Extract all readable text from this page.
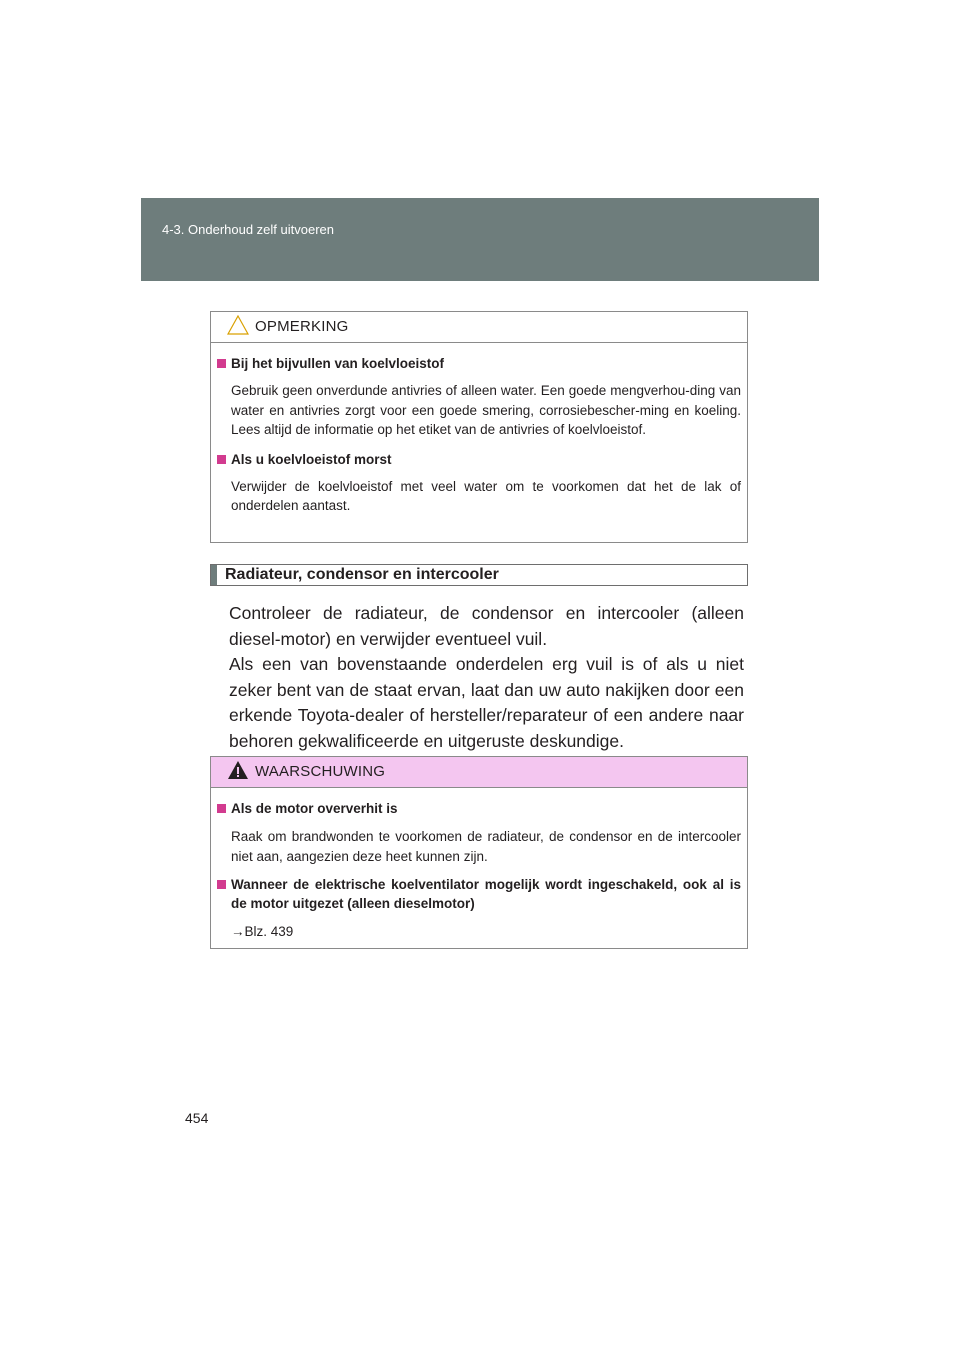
4-3. Onderhoud zelf uitvoeren
OPMERKING
Bij het bijvullen van koelvloeistof
Gebruik geen onverdunde antivries of alleen water. Een goede mengverhou-ding van water en antivries zorgt voor een goede smering, corrosiebescher-ming en koeling. Lees altijd de informatie op het etiket van de antivries of koelvloeistof.
Als u koelvloeistof morst
Verwijder de koelvloeistof met veel water om te voorkomen dat het de lak of onderdelen aantast.
Radiateur, condensor en intercooler

Controleer de radiateur, de condensor en intercooler (alleen diesel-motor) en verwijder eventueel vuil.

Als een van bovenstaande onderdelen erg vuil is of als u niet zeker bent van de staat ervan, laat dan uw auto nakijken door een erkende Toyota-dealer of hersteller/reparateur of een andere naar behoren gekwalificeerde en uitgeruste deskundige.

WAARSCHUWING
Als de motor oververhit is
Raak om brandwonden te voorkomen de radiateur, de condensor en de intercooler niet aan, aangezien deze heet kunnen zijn.
Wanneer de elektrische koelventilator mogelijk wordt ingeschakeld, ook al is de motor uitgezet (alleen dieselmotor)
→Blz. 439
454
